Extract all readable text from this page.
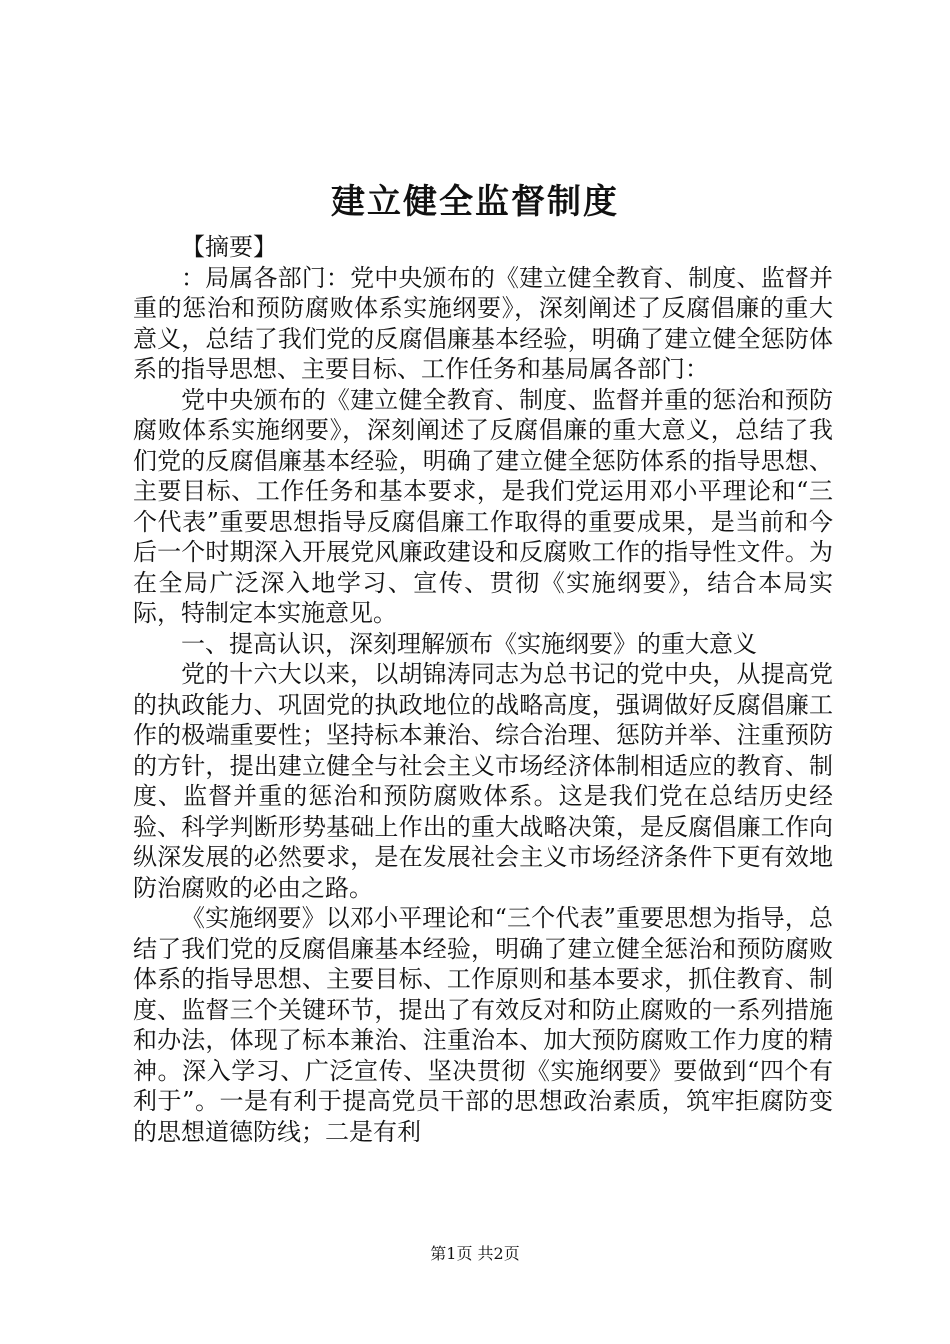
建立健全监督制度

【摘要】

：局属各部门：党中央颁布的《建立健全教育、制度、监督并重的惩治和预防腐败体系实施纲要》，深刻阐述了反腐倡廉的重大意义，总结了我们党的反腐倡廉基本经验，明确了建立健全惩防体系的指导思想、主要目标、工作任务和基局属各部门：

党中央颁布的《建立健全教育、制度、监督并重的惩治和预防腐败体系实施纲要》，深刻阐述了反腐倡廉的重大意义，总结了我们党的反腐倡廉基本经验，明确了建立健全惩防体系的指导思想、主要目标、工作任务和基本要求，是我们党运用邓小平理论和“三个代表”重要思想指导反腐倡廉工作取得的重要成果，是当前和今后一个时期深入开展党风廉政建设和反腐败工作的指导性文件。为在全局广泛深入地学习、宣传、贯彻《实施纲要》，结合本局实际，特制定本实施意见。

一、提高认识，深刻理解颁布《实施纲要》的重大意义

党的十六大以来，以胡锦涛同志为总书记的党中央，从提高党的执政能力、巩固党的执政地位的战略高度，强调做好反腐倡廉工作的极端重要性；坚持标本兼治、综合治理、惩防并举、注重预防的方针，提出建立健全与社会主义市场经济体制相适应的教育、制度、监督并重的惩治和预防腐败体系。这是我们党在总结历史经验、科学判断形势基础上作出的重大战略决策，是反腐倡廉工作向纵深发展的必然要求，是在发展社会主义市场经济条件下更有效地防治腐败的必由之路。

《实施纲要》以邓小平理论和“三个代表”重要思想为指导，总结了我们党的反腐倡廉基本经验，明确了建立健全惩治和预防腐败体系的指导思想、主要目标、工作原则和基本要求，抓住教育、制度、监督三个关键环节，提出了有效反对和防止腐败的一系列措施和办法，体现了标本兼治、注重治本、加大预防腐败工作力度的精神。深入学习、广泛宣传、坚决贯彻《实施纲要》要做到“四个有利于”。一是有利于提高党员干部的思想政治素质，筑牢拒腐防变的思想道德防线；二是有利

第1页 共2页
